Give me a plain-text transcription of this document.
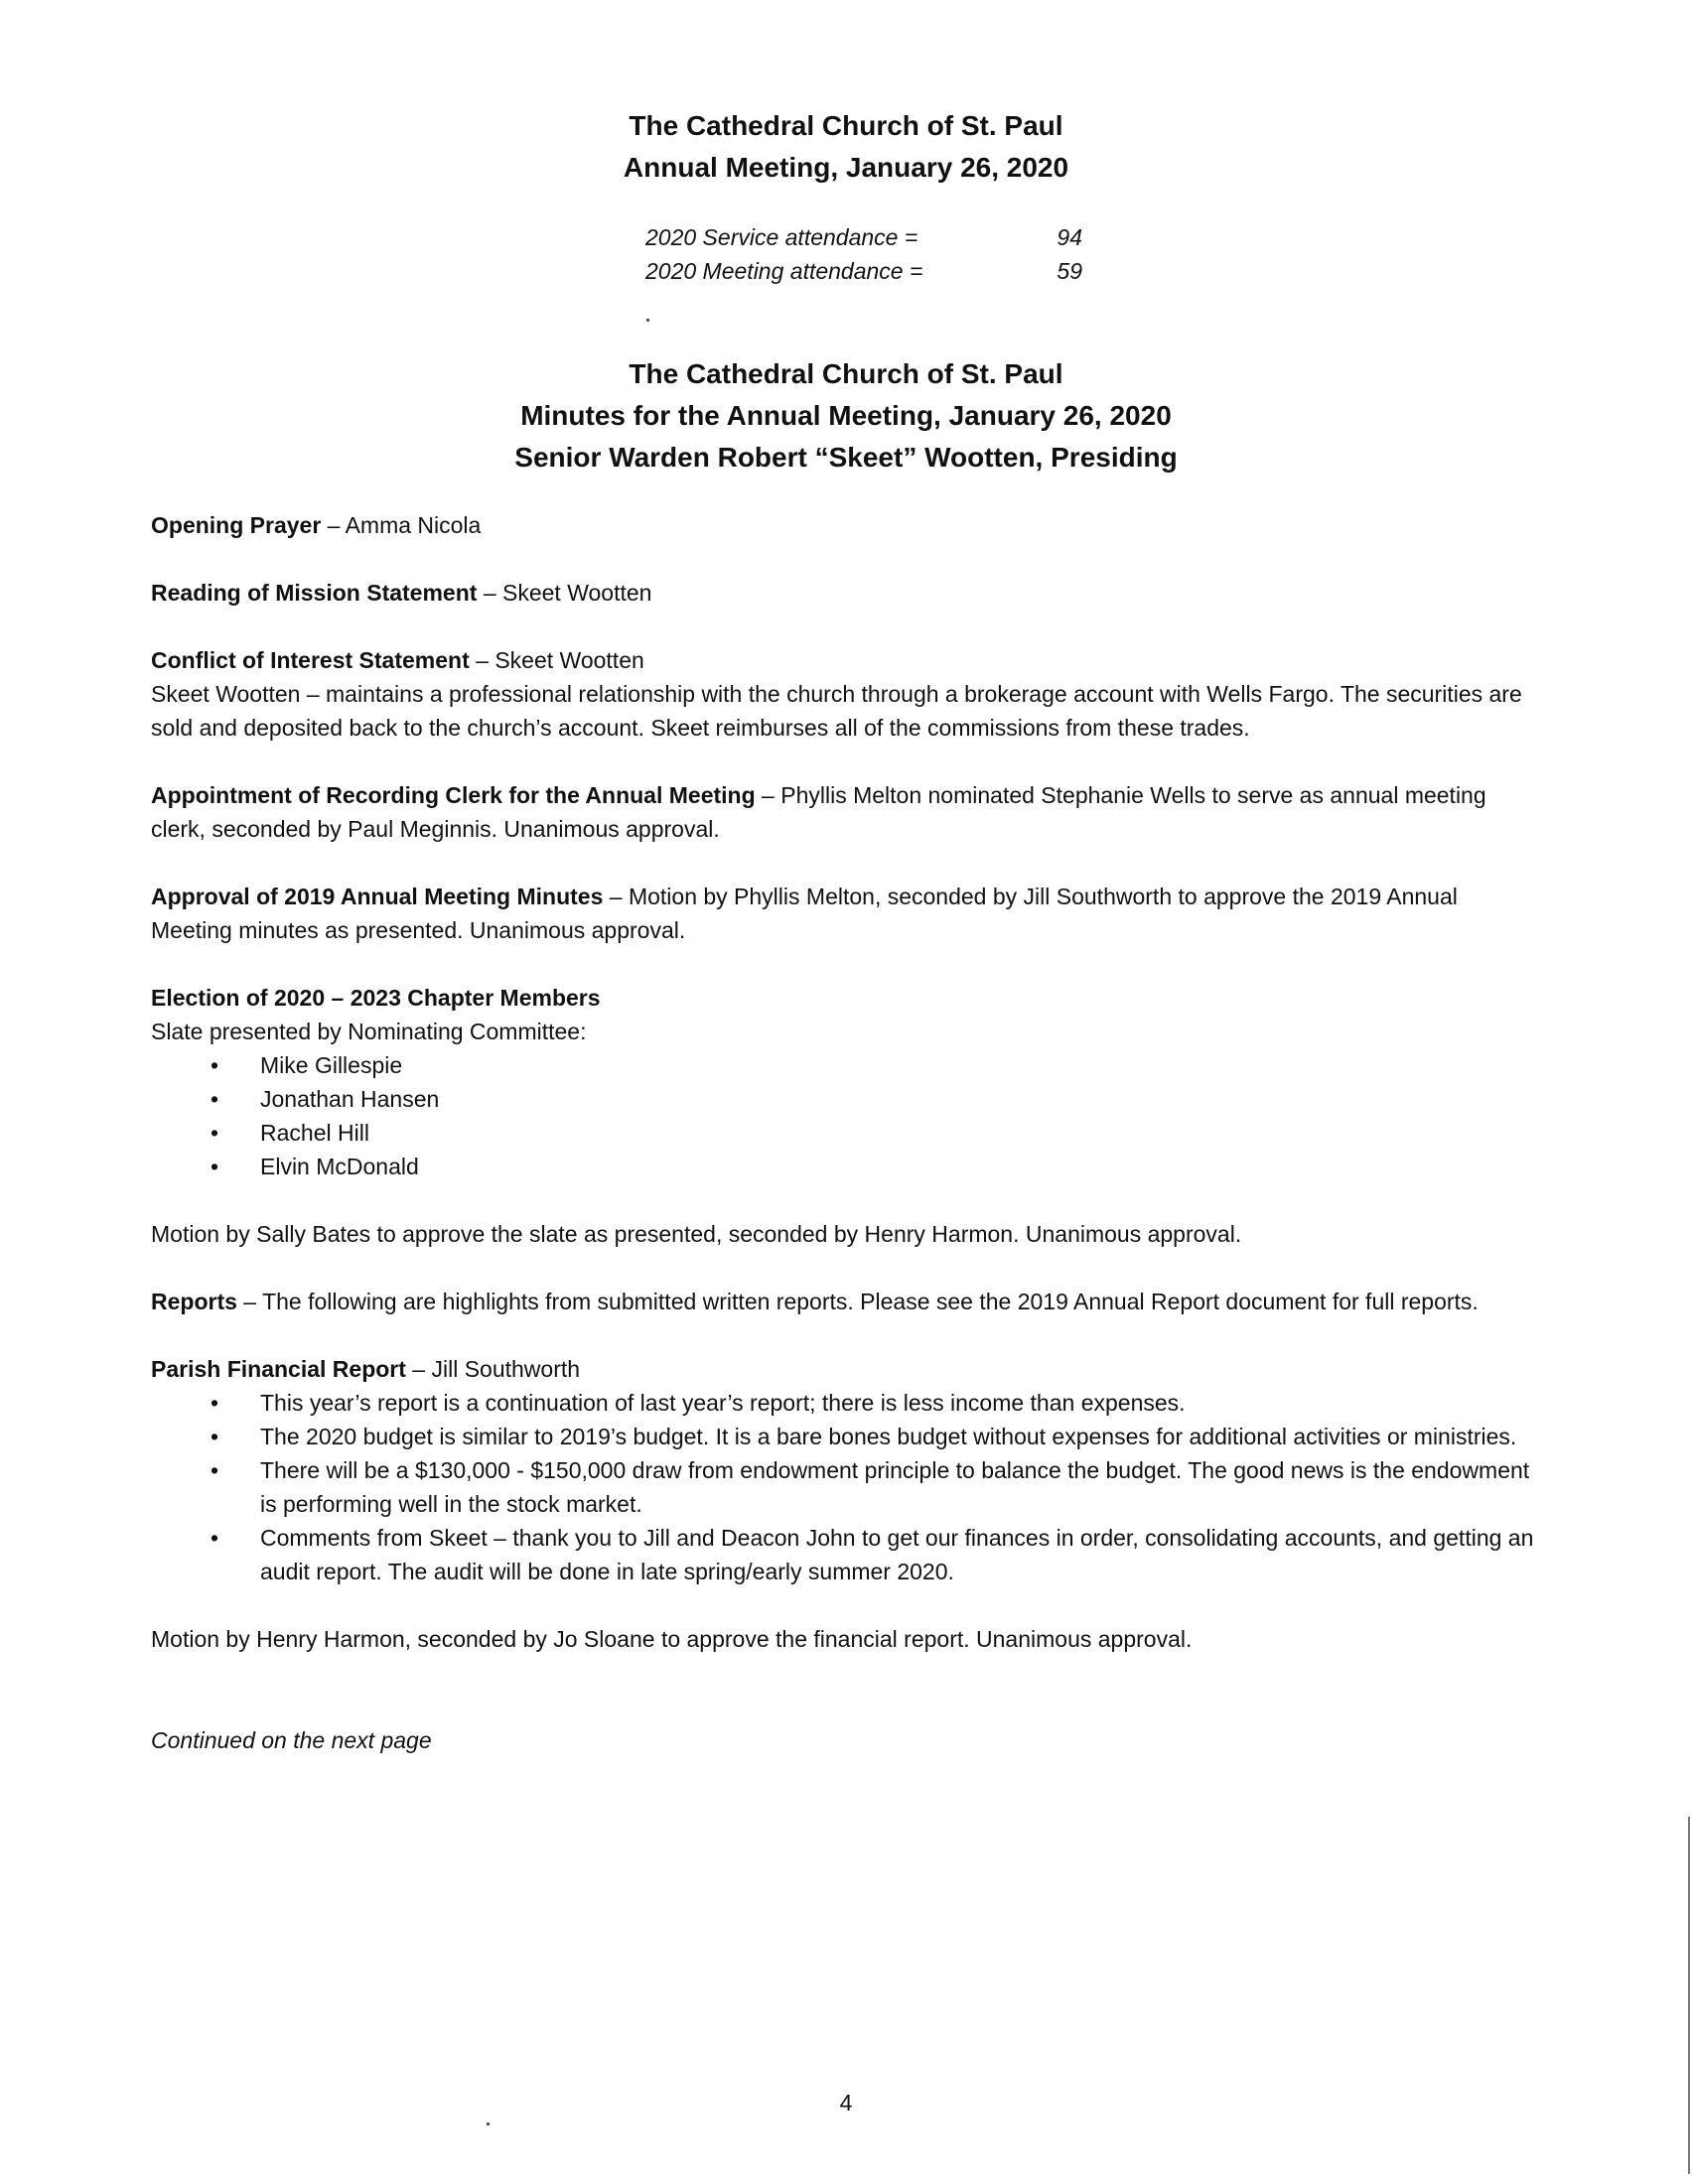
The Cathedral Church of St. Paul

Annual Meeting, January 26, 2020

2020 Service attendance =	94
2020 Meeting attendance =	59

The Cathedral Church of St. Paul

Minutes for the Annual Meeting, January 26, 2020

Senior Warden Robert “Skeet” Wootten, Presiding

Opening Prayer – Amma Nicola

Reading of Mission Statement – Skeet Wootten

Conflict of Interest Statement – Skeet Wootten

Skeet Wootten – maintains a professional relationship with the church through a brokerage account with Wells Fargo. The securities are sold and deposited back to the church’s account. Skeet reimburses all of the commissions from these trades.

Appointment of Recording Clerk for the Annual Meeting – Phyllis Melton nominated Stephanie Wells to serve as annual meeting clerk, seconded by Paul Meginnis. Unanimous approval.

Approval of 2019 Annual Meeting Minutes – Motion by Phyllis Melton, seconded by Jill Southworth to approve the 2019 Annual Meeting minutes as presented. Unanimous approval.

Election of 2020 – 2023 Chapter Members

Slate presented by Nominating Committee:

• Mike Gillespie
• Jonathan Hansen
• Rachel Hill
• Elvin McDonald

Motion by Sally Bates to approve the slate as presented, seconded by Henry Harmon. Unanimous approval.

Reports – The following are highlights from submitted written reports. Please see the 2019 Annual Report document for full reports.

Parish Financial Report – Jill Southworth

• This year’s report is a continuation of last year’s report; there is less income than expenses.
• The 2020 budget is similar to 2019’s budget. It is a bare bones budget without expenses for additional activities or ministries.
• There will be a $130,000 - $150,000 draw from endowment principle to balance the budget. The good news is the endowment is performing well in the stock market.
• Comments from Skeet – thank you to Jill and Deacon John to get our finances in order, consolidating accounts, and getting an audit report. The audit will be done in late spring/early summer 2020.

Motion by Henry Harmon, seconded by Jo Sloane to approve the financial report. Unanimous approval.

Continued on the next page

4
